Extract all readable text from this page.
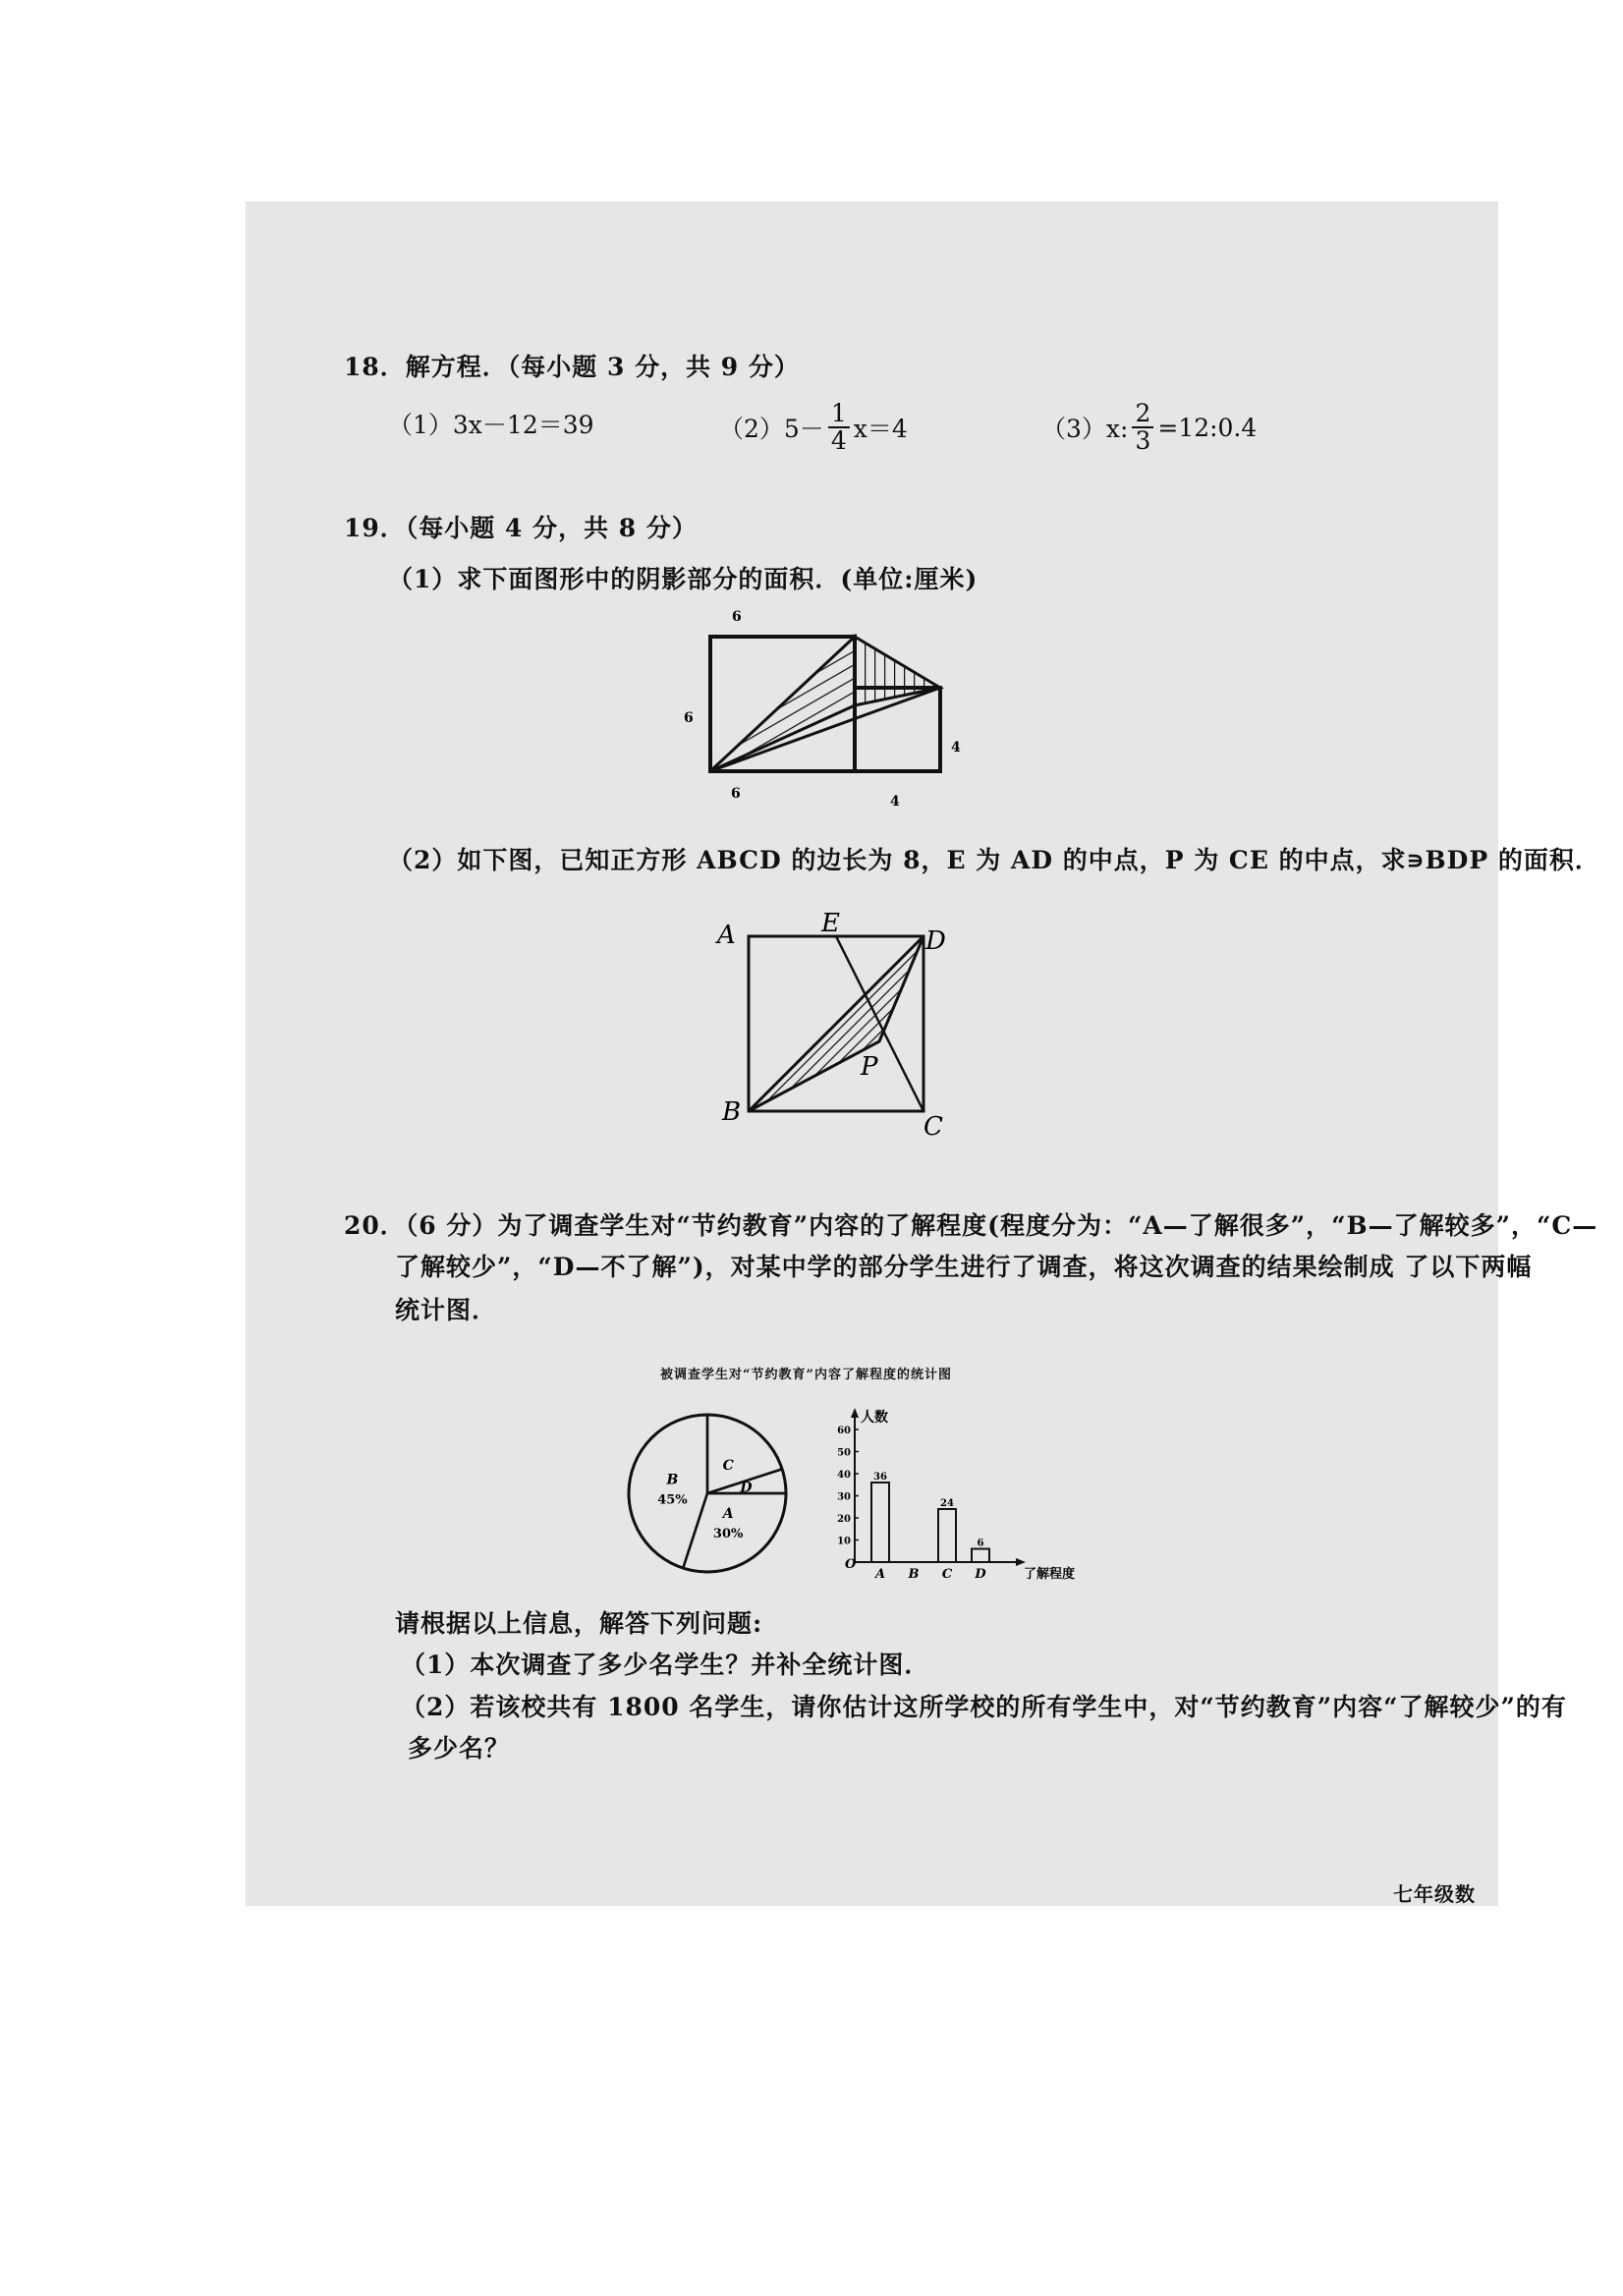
18．解方程．（每小题 3 分，共 9 分）
（1）3x－12＝39	$(2)5- \frac{1}{4} x=4$	（3）x: $\frac{2}{3}$ =12:0.4
19．（每小题 4 分，共 8 分）
（1）求下面图形中的阴影部分的面积．(单位:厘米)
6
6
4
6	4
（2）如下图，已知正方形 ABCD 的边长为 8，E 为 AD 的中点，P 为 CE 的中点，求∍BDP 的面积．
A	E
D
P
B	C
20．（6 分）为了调查学生对“节约教育”内容的了解程度(程度分为：“A—了解很多”，“B—了解较多”，“C—
了解较少”，“D—不了解”)，对某中学的部分学生进行了调查，将这次调查的结果绘制成 了以下两幅
统计图．
被调查学生对“节约教育”内容了解程度的统计图
A
30%
B
45%
C
D
10
20
30
40
50
60
O
人数
了解程度
36
A B
24
C
6
D
请根据以上信息，解答下列问题:
（1）本次调查了多少名学生？并补全统计图．
（2）若该校共有 1800 名学生，请你估计这所学校的所有学生中，对“节约教育”内容“了解较少”的有
多少名？
七年级数
